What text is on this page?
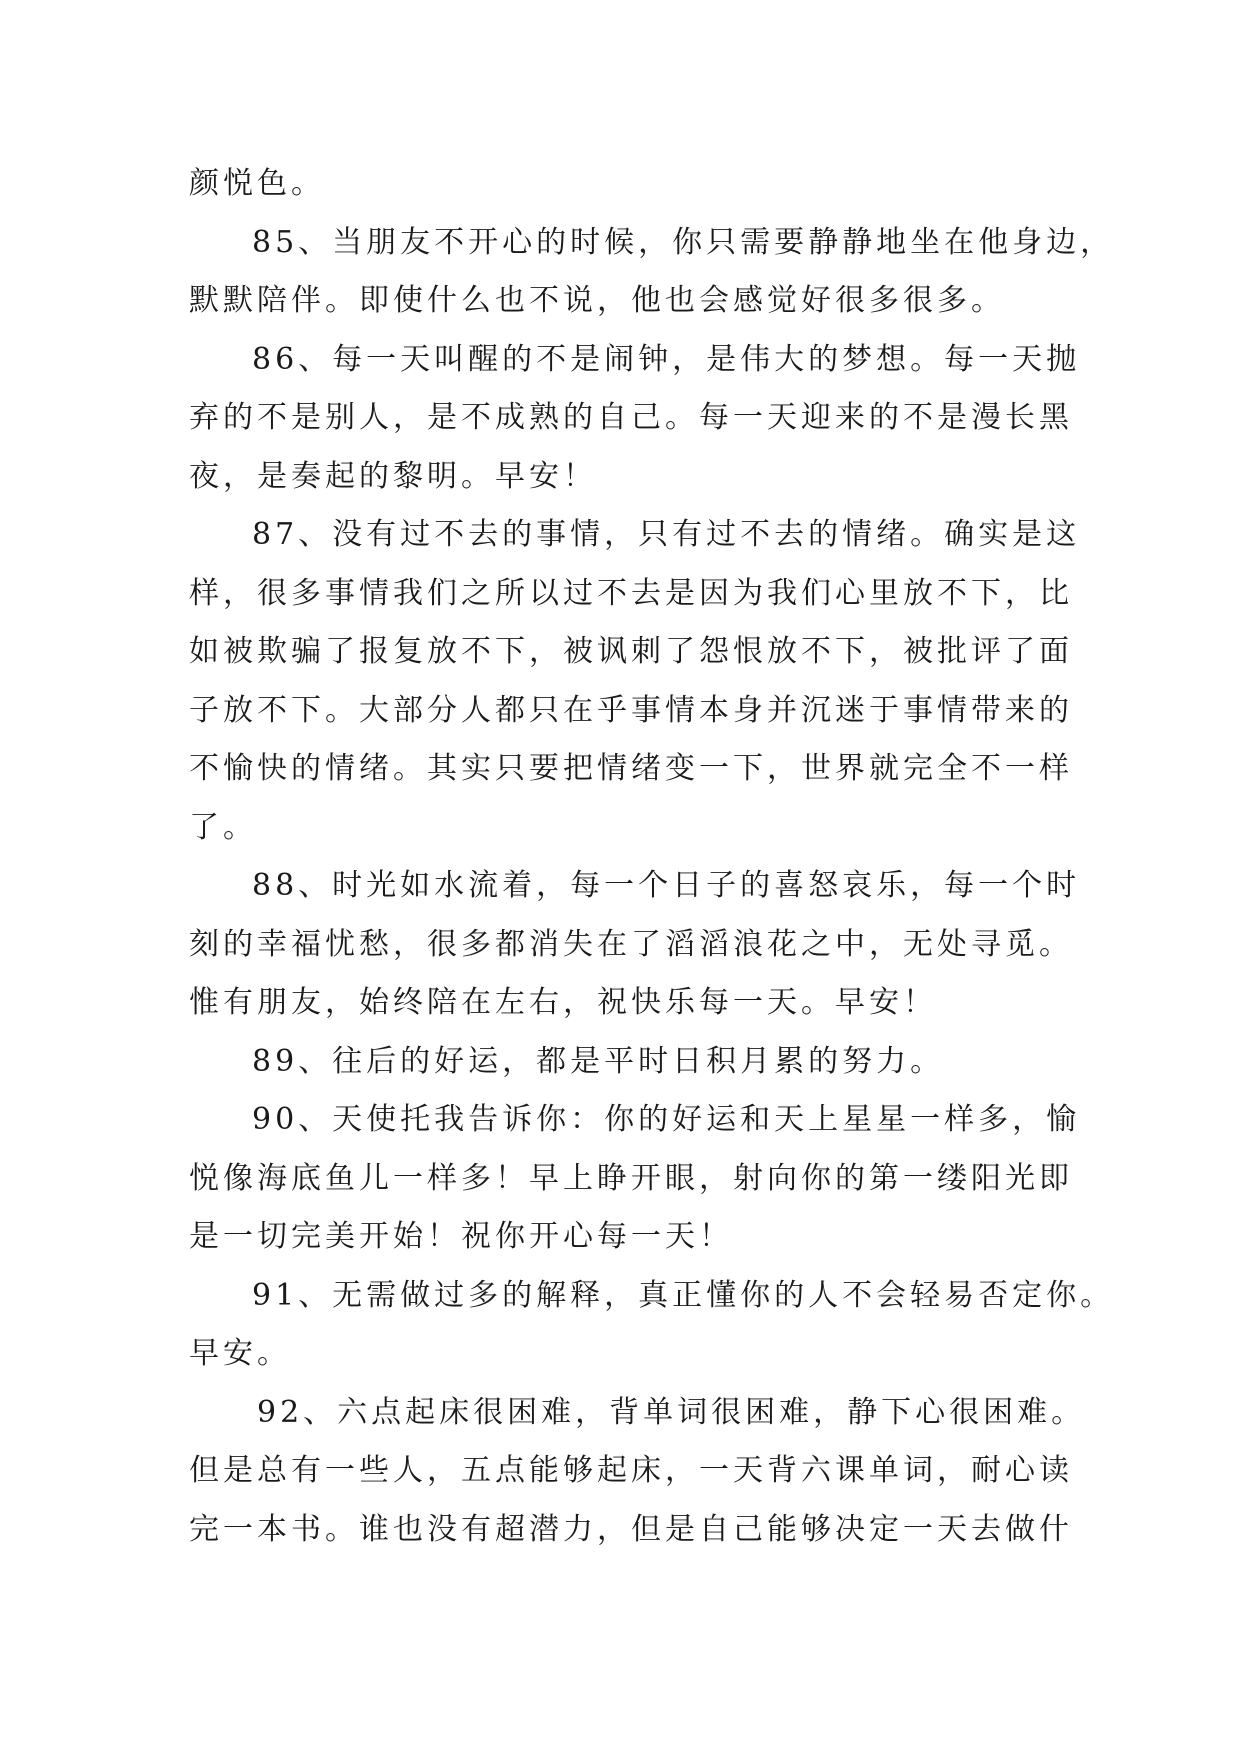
颜悦色。

85、当朋友不开心的时候，你只需要静静地坐在他身边，
默默陪伴。即使什么也不说，他也会感觉好很多很多。

86、每一天叫醒的不是闹钟，是伟大的梦想。每一天抛
弃的不是别人，是不成熟的自己。每一天迎来的不是漫长黑
夜，是奏起的黎明。早安！

87、没有过不去的事情，只有过不去的情绪。确实是这
样，很多事情我们之所以过不去是因为我们心里放不下，比
如被欺骗了报复放不下，被讽刺了怨恨放不下，被批评了面
子放不下。大部分人都只在乎事情本身并沉迷于事情带来的
不愉快的情绪。其实只要把情绪变一下，世界就完全不一样
了。

88、时光如水流着，每一个日子的喜怒哀乐，每一个时
刻的幸福忧愁，很多都消失在了滔滔浪花之中，无处寻觅。
惟有朋友，始终陪在左右，祝快乐每一天。早安！

89、往后的好运，都是平时日积月累的努力。

90、天使托我告诉你：你的好运和天上星星一样多，愉
悦像海底鱼儿一样多！早上睁开眼，射向你的第一缕阳光即
是一切完美开始！祝你开心每一天！

91、无需做过多的解释，真正懂你的人不会轻易否定你。
早安。

92、六点起床很困难，背单词很困难，静下心很困难。
但是总有一些人，五点能够起床，一天背六课单词，耐心读
完一本书。谁也没有超潜力，但是自己能够决定一天去做什
